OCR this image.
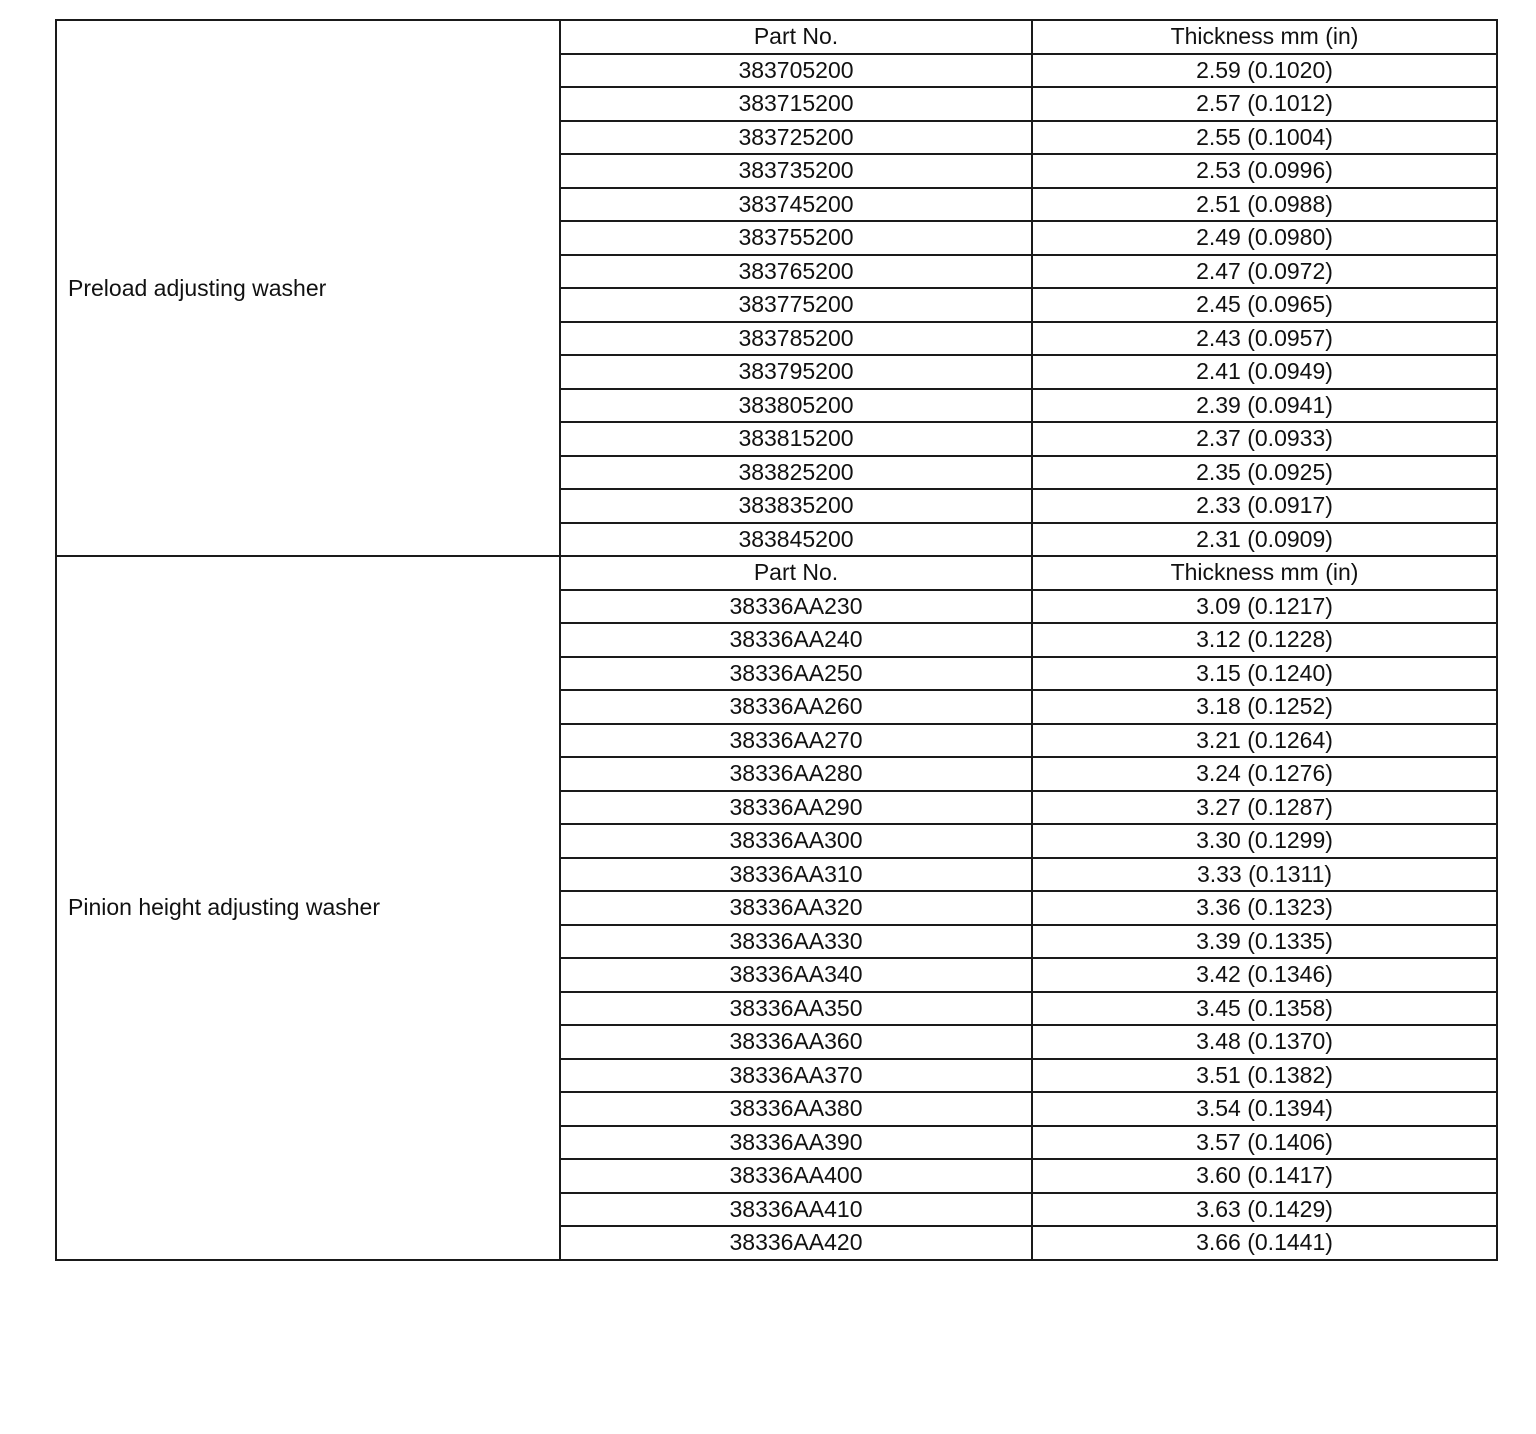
Preload adjusting washer	Part No.	Thickness mm (in)
	383705200	2.59 (0.1020)
	383715200	2.57 (0.1012)
	383725200	2.55 (0.1004)
	383735200	2.53 (0.0996)
	383745200	2.51 (0.0988)
	383755200	2.49 (0.0980)
	383765200	2.47 (0.0972)
	383775200	2.45 (0.0965)
	383785200	2.43 (0.0957)
	383795200	2.41 (0.0949)
	383805200	2.39 (0.0941)
	383815200	2.37 (0.0933)
	383825200	2.35 (0.0925)
	383835200	2.33 (0.0917)
	383845200	2.31 (0.0909)
Pinion height adjusting washer	Part No.	Thickness mm (in)
	38336AA230	3.09 (0.1217)
	38336AA240	3.12 (0.1228)
	38336AA250	3.15 (0.1240)
	38336AA260	3.18 (0.1252)
	38336AA270	3.21 (0.1264)
	38336AA280	3.24 (0.1276)
	38336AA290	3.27 (0.1287)
	38336AA300	3.30 (0.1299)
	38336AA310	3.33 (0.1311)
	38336AA320	3.36 (0.1323)
	38336AA330	3.39 (0.1335)
	38336AA340	3.42 (0.1346)
	38336AA350	3.45 (0.1358)
	38336AA360	3.48 (0.1370)
	38336AA370	3.51 (0.1382)
	38336AA380	3.54 (0.1394)
	38336AA390	3.57 (0.1406)
	38336AA400	3.60 (0.1417)
	38336AA410	3.63 (0.1429)
	38336AA420	3.66 (0.1441)
